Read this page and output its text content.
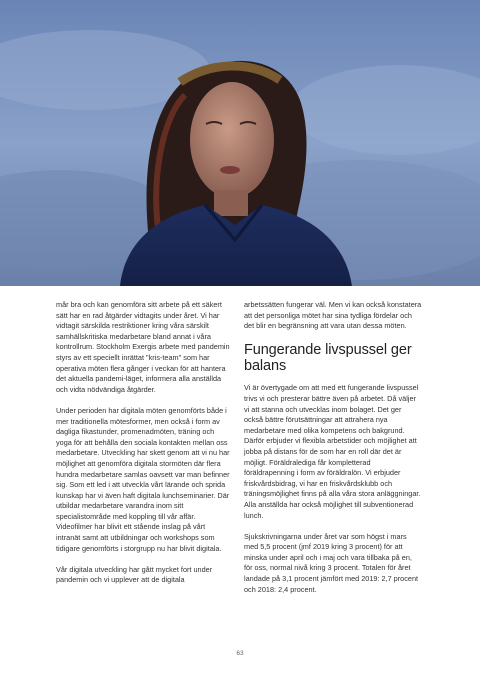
mår bra och kan genomföra sitt arbete på ett säkert sätt har en rad åtgärder vidtagits under året. Vi har vidtagit särskilda restriktioner kring våra särskilt samhällskritiska medarbetare bland annat i våra kontrollrum. Stockholm Exergis arbete med pandemin styrs av ett speciellt inrättat "kris-team" som har operativa möten flera gånger i veckan för att hantera det aktuella pandemi-läget, informera alla anställda och vidta nödvändiga åtgärder.

Under perioden har digitala möten genomförts både i mer traditionella mötesformer, men också i form av dagliga fikastunder, promenadmöten, träning och yoga för att behålla den sociala kontakten mellan oss medarbetare. Utveckling har skett genom att vi nu har möjlighet att genomföra digitala stormöten där flera hundra medarbetare samlas oavsett var man befinner sig. Som ett led i att utveckla vårt lärande och sprida kunskap har vi även haft digitala lunchseminarier. Där utbildar medarbetare varandra inom sitt specialistområde med koppling till vår affär. Videofilmer har blivit ett stående inslag på vårt intranät samt att utbildningar och workshops som tidigare genomförts i storgrupp nu har blivit digitala.

Vår digitala utveckling har gått mycket fort under pandemin och vi upplever att de digitala

arbetssätten fungerar väl. Men vi kan också konstatera att det personliga mötet har sina tydliga fördelar och det blir en begränsning att vara utan dessa möten.

Fungerande livspussel ger balans

Vi är övertygade om att med ett fungerande livspussel trivs vi och presterar bättre även på arbetet. Då väljer vi att stanna och utvecklas inom bolaget. Det ger också bättre förutsättningar att attrahera nya medarbetare med olika kompetens och bakgrund. Därför erbjuder vi flexibla arbetstider och möjlighet att jobba på distans för de som har en roll där det är möjligt. Föräldralediga får kompletterad föräldrapenning i form av föräldralön. Vi erbjuder friskvårdsbidrag, vi har en friskvårdsklubb och träningsmöjlighet finns på alla våra stora anläggningar. Alla anställda har också möjlighet till subventionerad lunch.

Sjukskrivningarna under året var som högst i mars med 5,5 procent (jmf 2019 kring 3 procent) för att minska under april och i maj och vara tillbaka på en, för oss, normal nivå kring 3 procent. Totalen för året landade på 3,1 procent jämfört med 2019: 2,7 procent och 2018: 2,4 procent.

63
